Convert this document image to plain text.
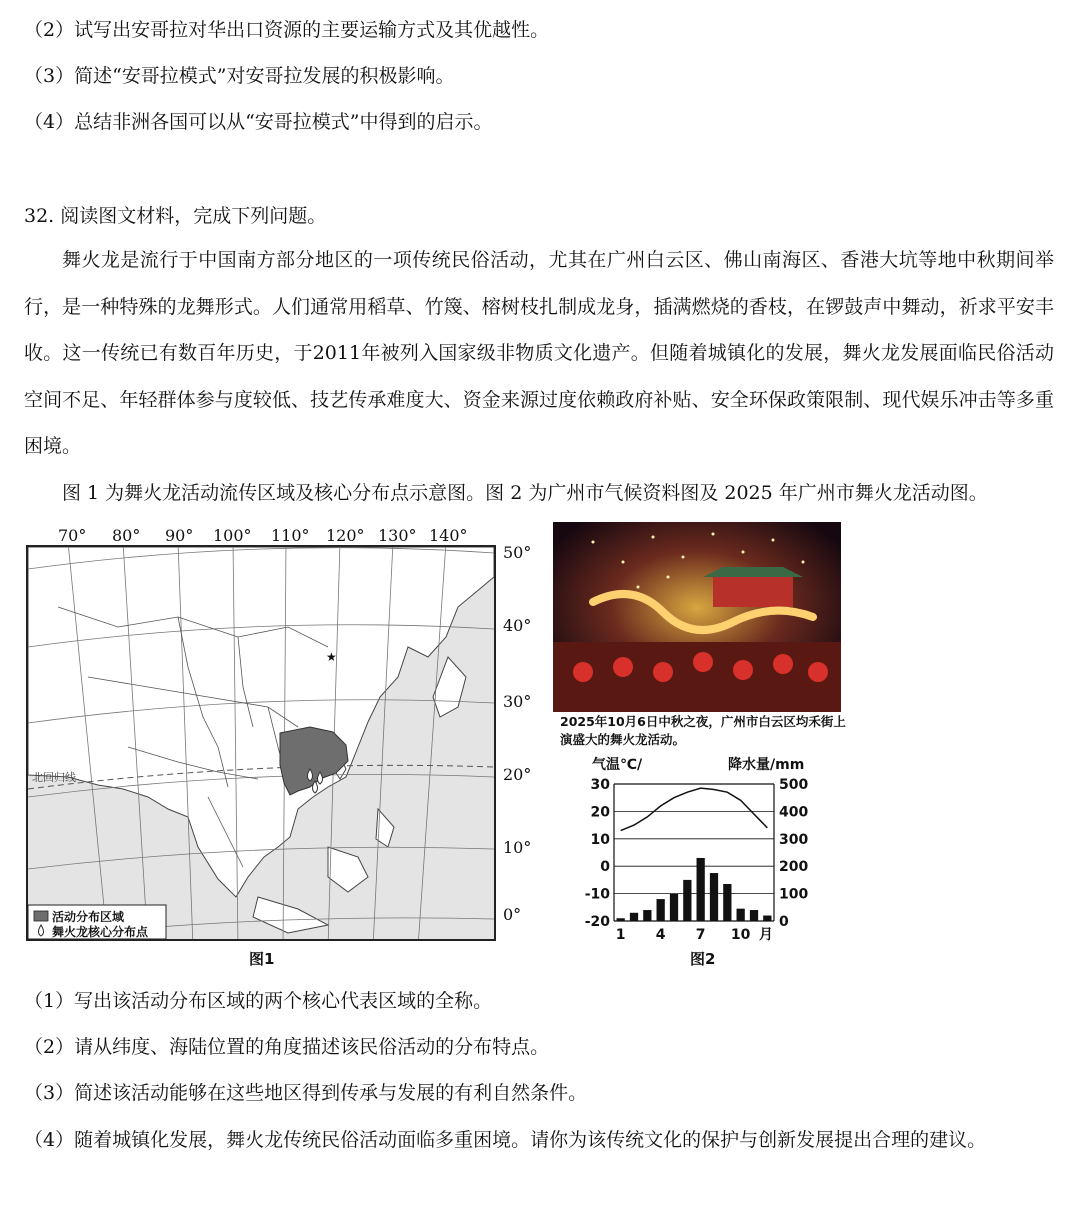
（2）试写出安哥拉对华出口资源的主要运输方式及其优越性。
（3）简述“安哥拉模式”对安哥拉发展的积极影响。
（4）总结非洲各国可以从“安哥拉模式”中得到的启示。
32. 阅读图文材料，完成下列问题。
舞火龙是流行于中国南方部分地区的一项传统民俗活动，尤其在广州白云区、佛山南海区、香港大坑等地中秋期间举行，是一种特殊的龙舞形式。人们通常用稻草、竹篾、榕树枝扎制成龙身，插满燃烧的香枝，在锣鼓声中舞动，祈求平安丰收。这一传统已有数百年历史，于2011年被列入国家级非物质文化遗产。但随着城镇化的发展，舞火龙发展面临民俗活动空间不足、年轻群体参与度较低、技艺传承难度大、资金来源过度依赖政府补贴、安全环保政策限制、现代娱乐冲击等多重困境。
图 1 为舞火龙活动流传区域及核心分布点示意图。图 2 为广州市气候资料图及 2025 年广州市舞火龙活动图。
70° 80° 90° 100° 110° 120° 130° 140°
50°
40°
30°
20°
10°
0°
★
北回归线
活动分布区域
舞火龙核心分布点
图1
2025年10月6日中秋之夜，广州市白云区均禾街上演盛大的舞火龙活动。
气温℃/	降水量/mm
30
20
10
0
-10
-20
500
400
300
200
100
0
1 4 7 10 月
图2
（1）写出该活动分布区域的两个核心代表区域的全称。
（2）请从纬度、海陆位置的角度描述该民俗活动的分布特点。
（3）简述该活动能够在这些地区得到传承与发展的有利自然条件。
（4）随着城镇化发展，舞火龙传统民俗活动面临多重困境。请你为该传统文化的保护与创新发展提出合理的建议。
